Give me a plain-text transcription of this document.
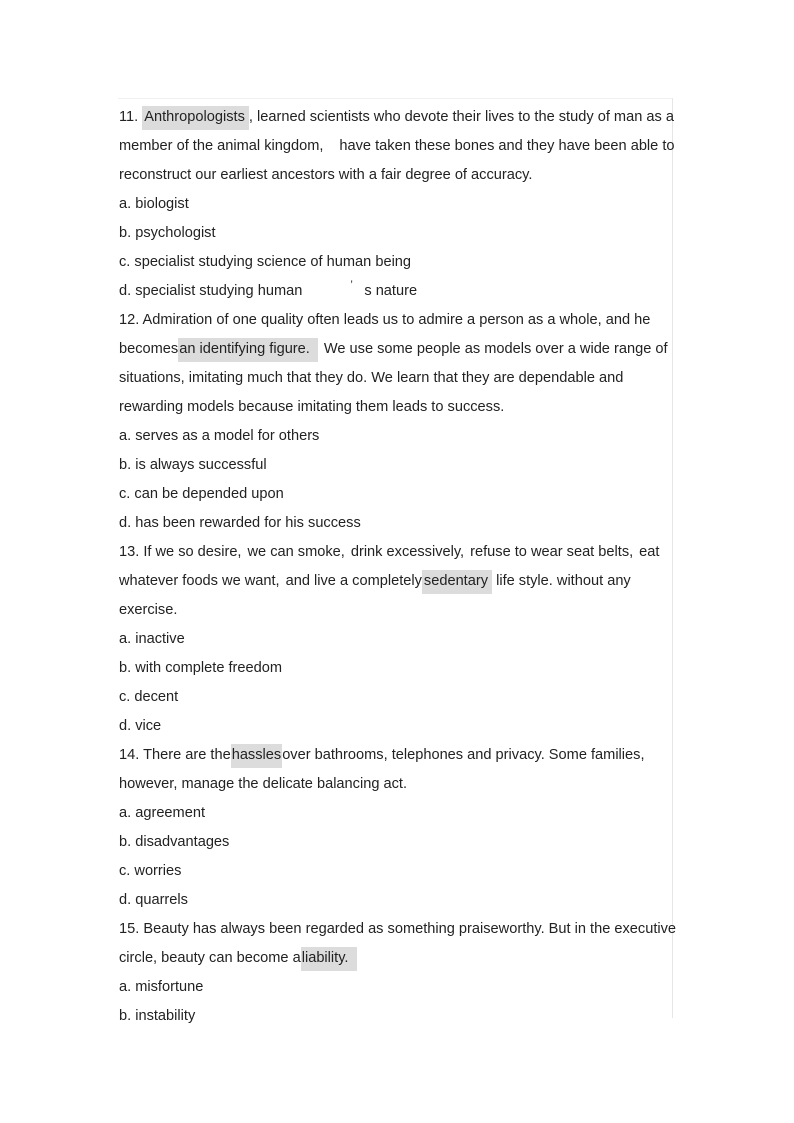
11. Anthropologists , learned scientists who devote their lives to the study of man as a
member of the animal kingdom, have taken these bones and they have been able to
reconstruct our earliest ancestors with a fair degree of accuracy.
a. biologist
b. psychologist
c. specialist studying science of human being
d. specialist studying human	’ s nature
12. Admiration of one quality often leads us to admire a person as a whole, and he
becomesan identifying figure. We use some people as models over a wide range of
situations, imitating much that they do. We learn that they are dependable and
rewarding models because imitating them leads to success.
a. serves as a model for others
b. is always successful
c. can be depended upon
d. has been rewarded for his success
13. If we so desire, we can smoke, drink excessively, refuse to wear seat belts, eat
whatever foods we want, and live a completely sedentary life style. without any
exercise.
a. inactive
b. with complete freedom
c. decent
d. vice
14. There are thehasslesover bathrooms, telephones and privacy. Some families,
however, manage the delicate balancing act.
a. agreement
b. disadvantages
c. worries
d. quarrels
15. Beauty has always been regarded as something praiseworthy. But in the executive
circle, beauty can become aliability.
a. misfortune
b. instability
